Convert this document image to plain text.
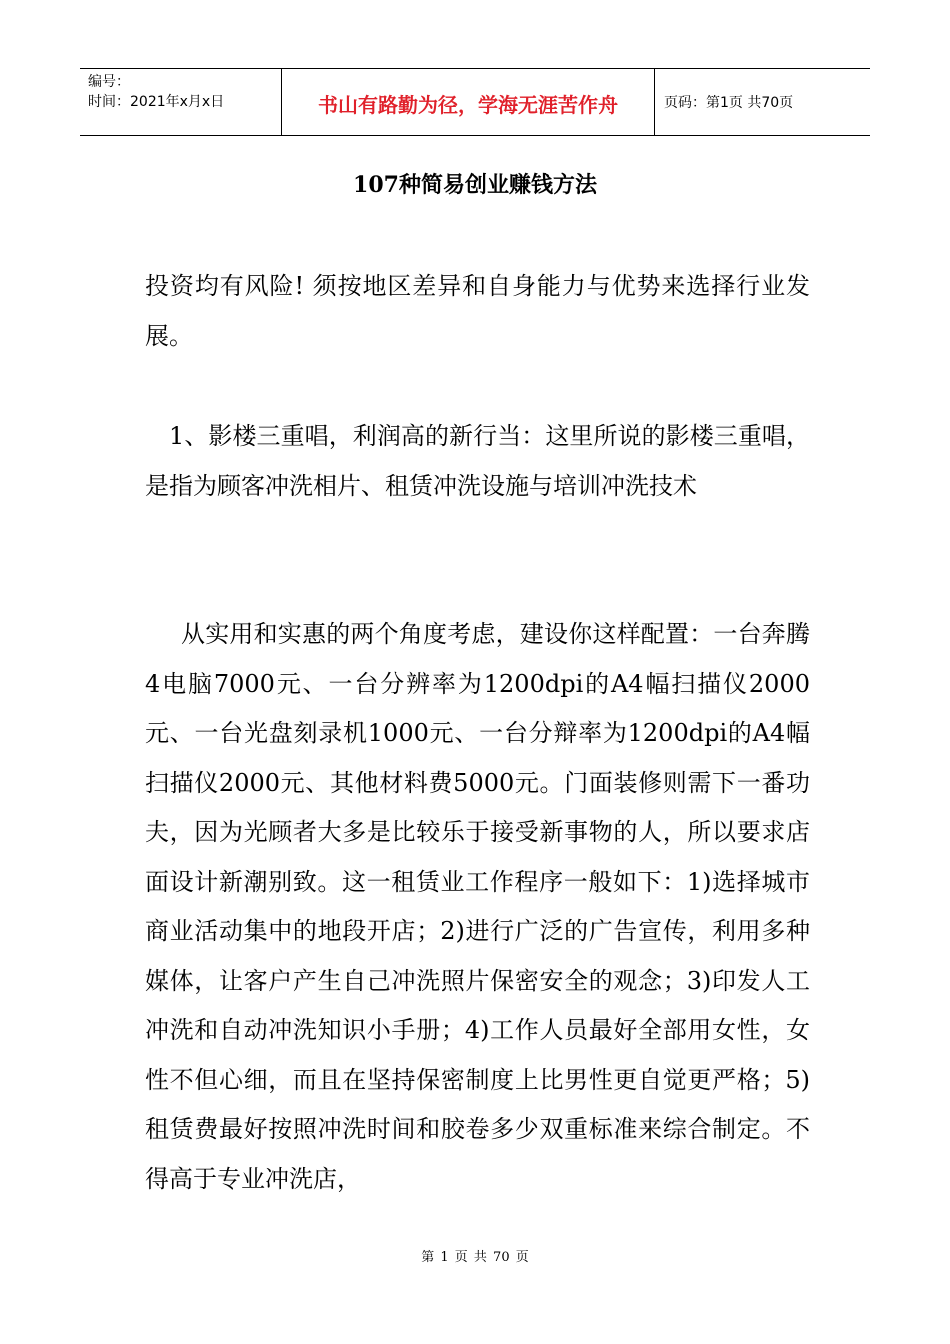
编号：
时间：2021年x月x日	书山有路勤为径，学海无涯苦作舟	页码：第1页 共70页
107种简易创业赚钱方法

投资均有风险! 须按地区差异和自身能力与优势来选择行业发展。

1、影楼三重唱，利润高的新行当：这里所说的影楼三重唱，是指为顾客冲洗相片、租赁冲洗设施与培训冲洗技术

从实用和实惠的两个角度考虑，建设你这样配置：一台奔腾4电脑7000元、一台分辨率为1200dpi的A4幅扫描仪2000元、一台光盘刻录机1000元、一台分辩率为1200dpi的A4幅扫描仪2000元、其他材料费5000元。门面装修则需下一番功夫，因为光顾者大多是比较乐于接受新事物的人，所以要求店面设计新潮别致。这一租赁业工作程序一般如下：1)选择城市商业活动集中的地段开店；2)进行广泛的广告宣传，利用多种媒体，让客户产生自己冲洗照片保密安全的观念；3)印发人工冲洗和自动冲洗知识小手册；4)工作人员最好全部用女性，女性不但心细，而且在坚持保密制度上比男性更自觉更严格；5)租赁费最好按照冲洗时间和胶卷多少双重标准来综合制定。不得高于专业冲洗店，

第 1 页 共 70 页
